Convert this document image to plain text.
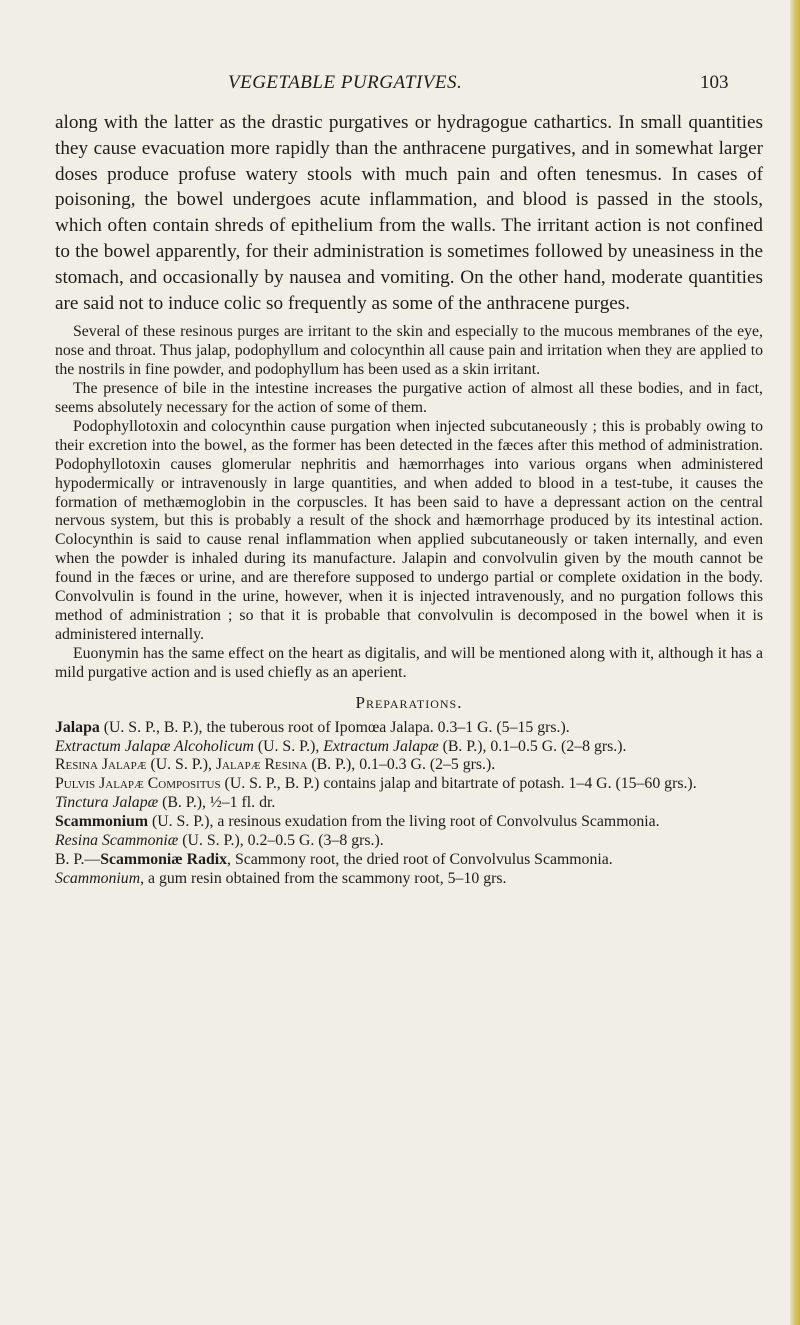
VEGETABLE PURGATIVES.	103

along with the latter as the drastic purgatives or hydragogue cathartics. In small quantities they cause evacuation more rapidly than the anthracene purgatives, and in somewhat larger doses produce profuse watery stools with much pain and often tenesmus. In cases of poisoning, the bowel undergoes acute inflammation, and blood is passed in the stools, which often contain shreds of epithelium from the walls. The irritant action is not confined to the bowel apparently, for their administration is sometimes followed by uneasiness in the stomach, and occasionally by nausea and vomiting. On the other hand, moderate quantities are said not to induce colic so frequently as some of the anthracene purges.

Several of these resinous purges are irritant to the skin and especially to the mucous membranes of the eye, nose and throat. Thus jalap, podophyllum and colocynthin all cause pain and irritation when they are applied to the nostrils in fine powder, and podophyllum has been used as a skin irritant.

The presence of bile in the intestine increases the purgative action of almost all these bodies, and in fact, seems absolutely necessary for the action of some of them.

Podophyllotoxin and colocynthin cause purgation when injected subcutaneously ; this is probably owing to their excretion into the bowel, as the former has been detected in the fæces after this method of administration. Podophyllotoxin causes glomerular nephritis and hæmorrhages into various organs when administered hypodermically or intravenously in large quantities, and when added to blood in a test-tube, it causes the formation of methæmoglobin in the corpuscles. It has been said to have a depressant action on the central nervous system, but this is probably a result of the shock and hæmorrhage produced by its intestinal action. Colocynthin is said to cause renal inflammation when applied subcutaneously or taken internally, and even when the powder is inhaled during its manufacture. Jalapin and convolvulin given by the mouth cannot be found in the fæces or urine, and are therefore supposed to undergo partial or complete oxidation in the body. Convolvulin is found in the urine, however, when it is injected intravenously, and no purgation follows this method of administration ; so that it is probable that convolvulin is decomposed in the bowel when it is administered internally.

Euonymin has the same effect on the heart as digitalis, and will be mentioned along with it, although it has a mild purgative action and is used chiefly as an aperient.

Preparations.

Jalapa (U. S. P., B. P.), the tuberous root of Ipomœa Jalapa. 0.3–1 G. (5–15 grs.).

Extractum Jalapæ Alcoholicum (U. S. P.), Extractum Jalapæ (B. P.), 0.1–0.5 G. (2–8 grs.).

Resina Jalapæ (U. S. P.), Jalapæ Resina (B. P.), 0.1–0.3 G. (2–5 grs.).

Pulvis Jalapæ Compositus (U. S. P., B. P.) contains jalap and bitartrate of potash. 1–4 G. (15–60 grs.).

Tinctura Jalapæ (B. P.), ½–1 fl. dr.

Scammonium (U. S. P.), a resinous exudation from the living root of Convolvulus Scammonia.

Resina Scammoniæ (U. S. P.), 0.2–0.5 G. (3–8 grs.).

B. P.—Scammoniæ Radix, Scammony root, the dried root of Convolvulus Scammonia.

Scammonium, a gum resin obtained from the scammony root, 5–10 grs.
